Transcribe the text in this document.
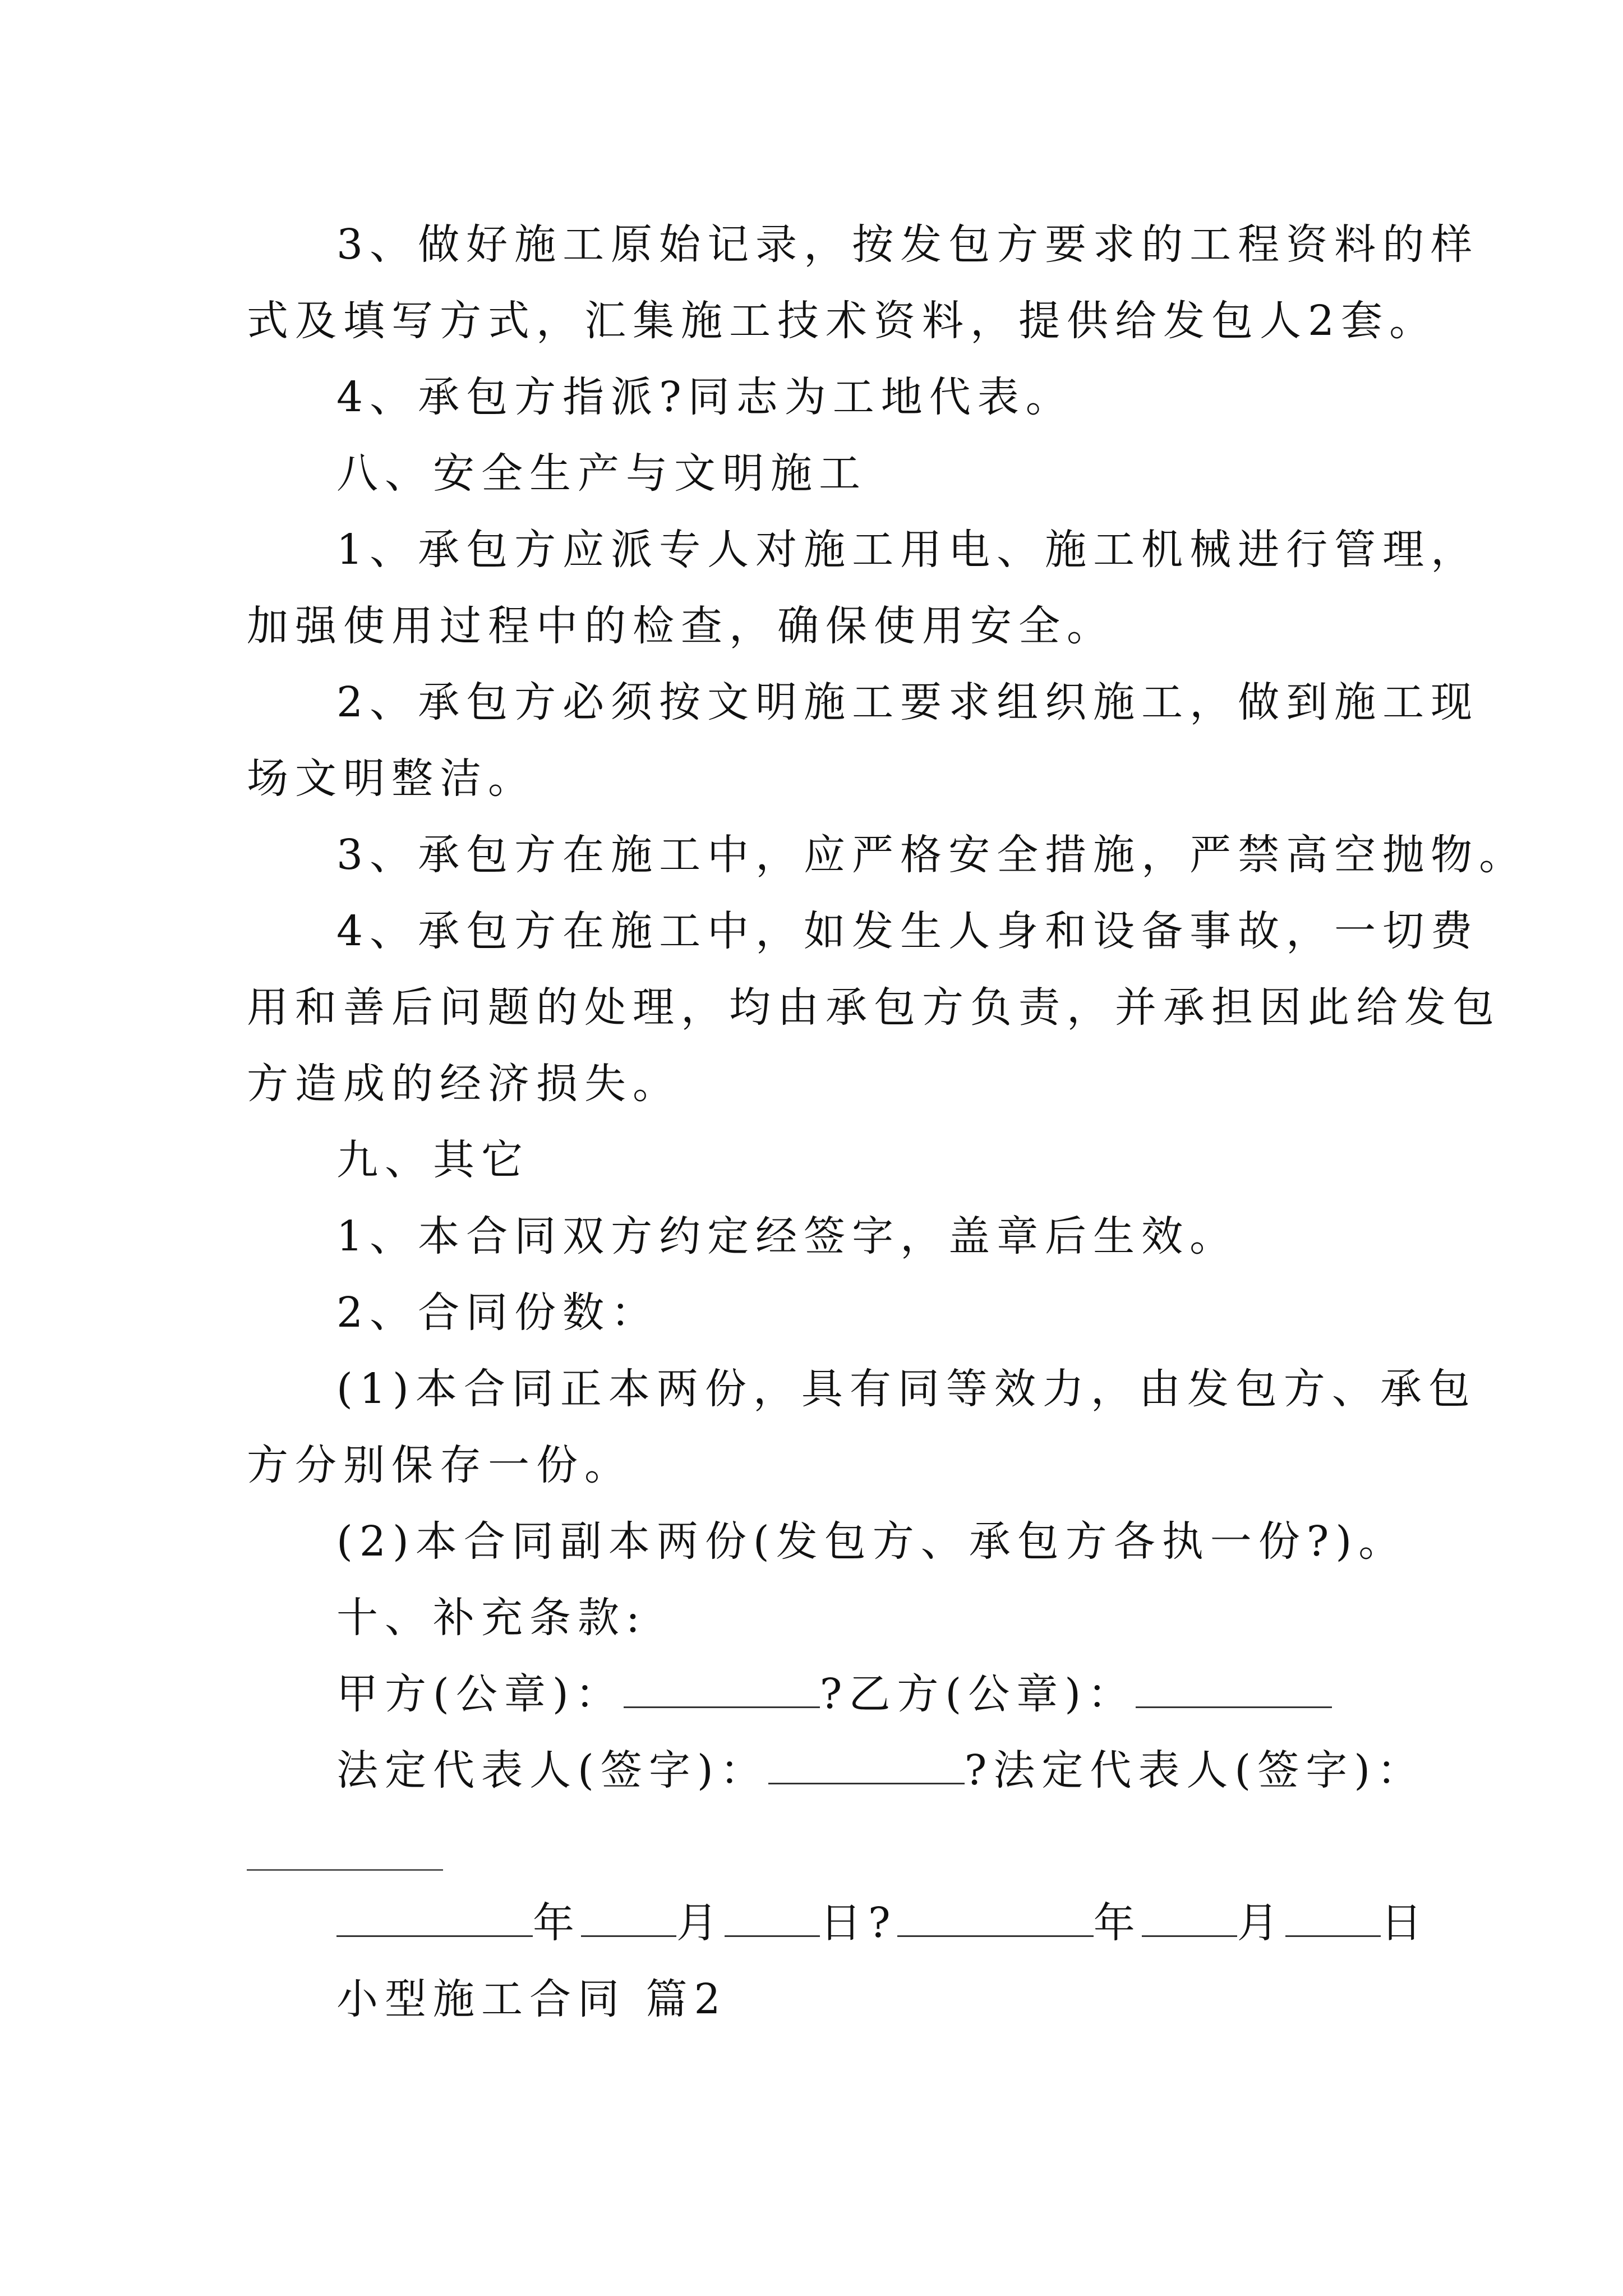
3、做好施工原始记录，按发包方要求的工程资料的样
式及填写方式，汇集施工技术资料，提供给发包人2套。
4、承包方指派?同志为工地代表。
八、安全生产与文明施工
1、承包方应派专人对施工用电、施工机械进行管理，
加强使用过程中的检查，确保使用安全。
2、承包方必须按文明施工要求组织施工，做到施工现
场文明整洁。
3、承包方在施工中，应严格安全措施，严禁高空抛物。
4、承包方在施工中，如发生人身和设备事故，一切费
用和善后问题的处理，均由承包方负责，并承担因此给发包
方造成的经济损失。
九、其它
1、本合同双方约定经签字，盖章后生效。
2、合同份数：
(1)本合同正本两份，具有同等效力，由发包方、承包
方分别保存一份。
(2)本合同副本两份(发包方、承包方各执一份?)。
十、补充条款:
甲方(公章)：	?乙方(公章)：
法定代表人(签字)：	?法定代表人(签字)：
年 月 日?	年 月 日
小型施工合同 篇2
